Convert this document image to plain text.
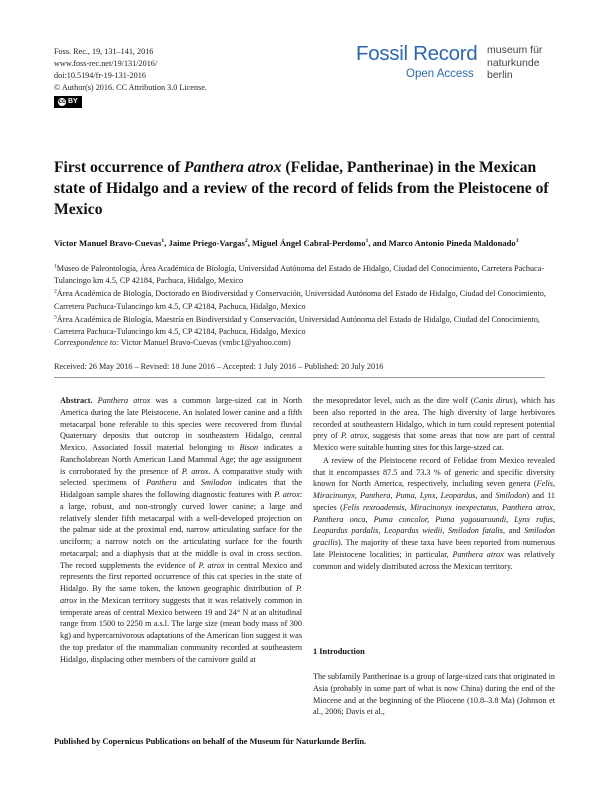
Foss. Rec., 19, 131–141, 2016
www.foss-rec.net/19/131/2016/
doi:10.5194/fr-19-131-2016
© Author(s) 2016. CC Attribution 3.0 License.
cc BY
Fossil Record
Open Access
museum für
naturkunde
berlin
First occurrence of Panthera atrox (Felidae, Pantherinae) in the Mexican state of Hidalgo and a review of the record of felids from the Pleistocene of Mexico
Victor Manuel Bravo-Cuevas$^1$, Jaime Priego-Vargas$^2$, Miguel Ángel Cabral-Perdomo$^1$, and Marco Antonio Pineda Maldonado$^3$

$^1$Museo de Paleontología, Área Académica de Biología, Universidad Autónoma del Estado de Hidalgo, Ciudad del Conocimiento, Carretera Pachuca-Tulancingo km 4.5, CP 42184, Pachuca, Hidalgo, Mexico

$^2$Área Académica de Biología, Doctorado en Biodiversidad y Conservación, Universidad Autónoma del Estado de Hidalgo, Ciudad del Conocimiento, Carretera Pachuca-Tulancingo km 4.5, CP 42184, Pachuca, Hidalgo, Mexico

$^3$Área Académica de Biología, Maestría en Biodiversidad y Conservación, Universidad Autónoma del Estado de Hidalgo, Ciudad del Conocimiento, Carretera Pachuca-Tulancingo km 4.5, CP 42184, Pachuca, Hidalgo, Mexico

Correspondence to: Victor Manuel Bravo-Cuevas (vmbc1@yahoo.com)
Received: 26 May 2016 – Revised: 18 June 2016 – Accepted: 1 July 2016 – Published: 20 July 2016

Abstract. Panthera atrox was a common large-sized cat in North America during the late Pleistocene. An isolated lower canine and a fifth metacarpal bone referable to this species were recovered from fluvial Quaternary deposits that outcrop in southeastern Hidalgo, central Mexico. Associated fossil material belonging to Bison indicates a Rancholabrean North American Land Mammal Age; the age assignment is corroborated by the presence of P. atrox. A comparative study with selected specimens of Panthera and Smilodon indicates that the Hidalgoan sample shares the following diagnostic features with P. atrox: a large, robust, and non-strongly curved lower canine; a large and relatively slender fifth metacarpal with a well-developed projection on the palmar side at the proximal end, narrow articulating surface for the unciform; a narrow notch on the articulating surface for the fourth metacarpal; and a diaphysis that at the middle is oval in cross section. The record supplements the evidence of P. atrox in central Mexico and represents the first reported occurrence of this cat species in the state of Hidalgo. By the same token, the known geographic distribution of P. atrox in the Mexican territory suggests that it was relatively common in temperate areas of central Mexico between 19 and 24° N at an altitudinal range from 1500 to 2250 m a.s.l. The large size (mean body mass of 300 kg) and hypercarnivorous adaptations of the American lion suggest it was the top predator of the mammalian community recorded at southeastern Hidalgo, displacing other members of the carnivore guild at

the mesopredator level, such as the dire wolf (Canis dirus), which has been also reported in the area. The high diversity of large herbivores recorded at southeastern Hidalgo, which in turn could represent potential prey of P. atrox, suggests that some areas that now are part of central Mexico were suitable hunting sites for this large-sized cat.

A review of the Pleistocene record of Felidae from Mexico revealed that it encompasses 87.5 and 73.3 % of generic and specific diversity known for North America, respectively, including seven genera (Felis, Miracinonyx, Panthera, Puma, Lynx, Leopardus, and Smilodon) and 11 species (Felis rexroadensis, Miracinonyx inexpectatus, Panthera atrox, Panthera onca, Puma concolor, Puma yagouaroundi, Lynx rufus, Leopardus pardalis, Leopardus wiedii, Smilodon fatalis, and Smilodon gracilis). The majority of these taxa have been reported from numerous late Pleistocene localities; in particular, Panthera atrox was relatively common and widely distributed across the Mexican territory.

1 Introduction
The subfamily Pantherinae is a group of large-sized cats that originated in Asia (probably in some part of what is now China) during the end of the Miocene and at the beginning of the Pliocene (10.8–3.8 Ma) (Johnson et al., 2006; Davis et al.,
Published by Copernicus Publications on behalf of the Museum für Naturkunde Berlin.
